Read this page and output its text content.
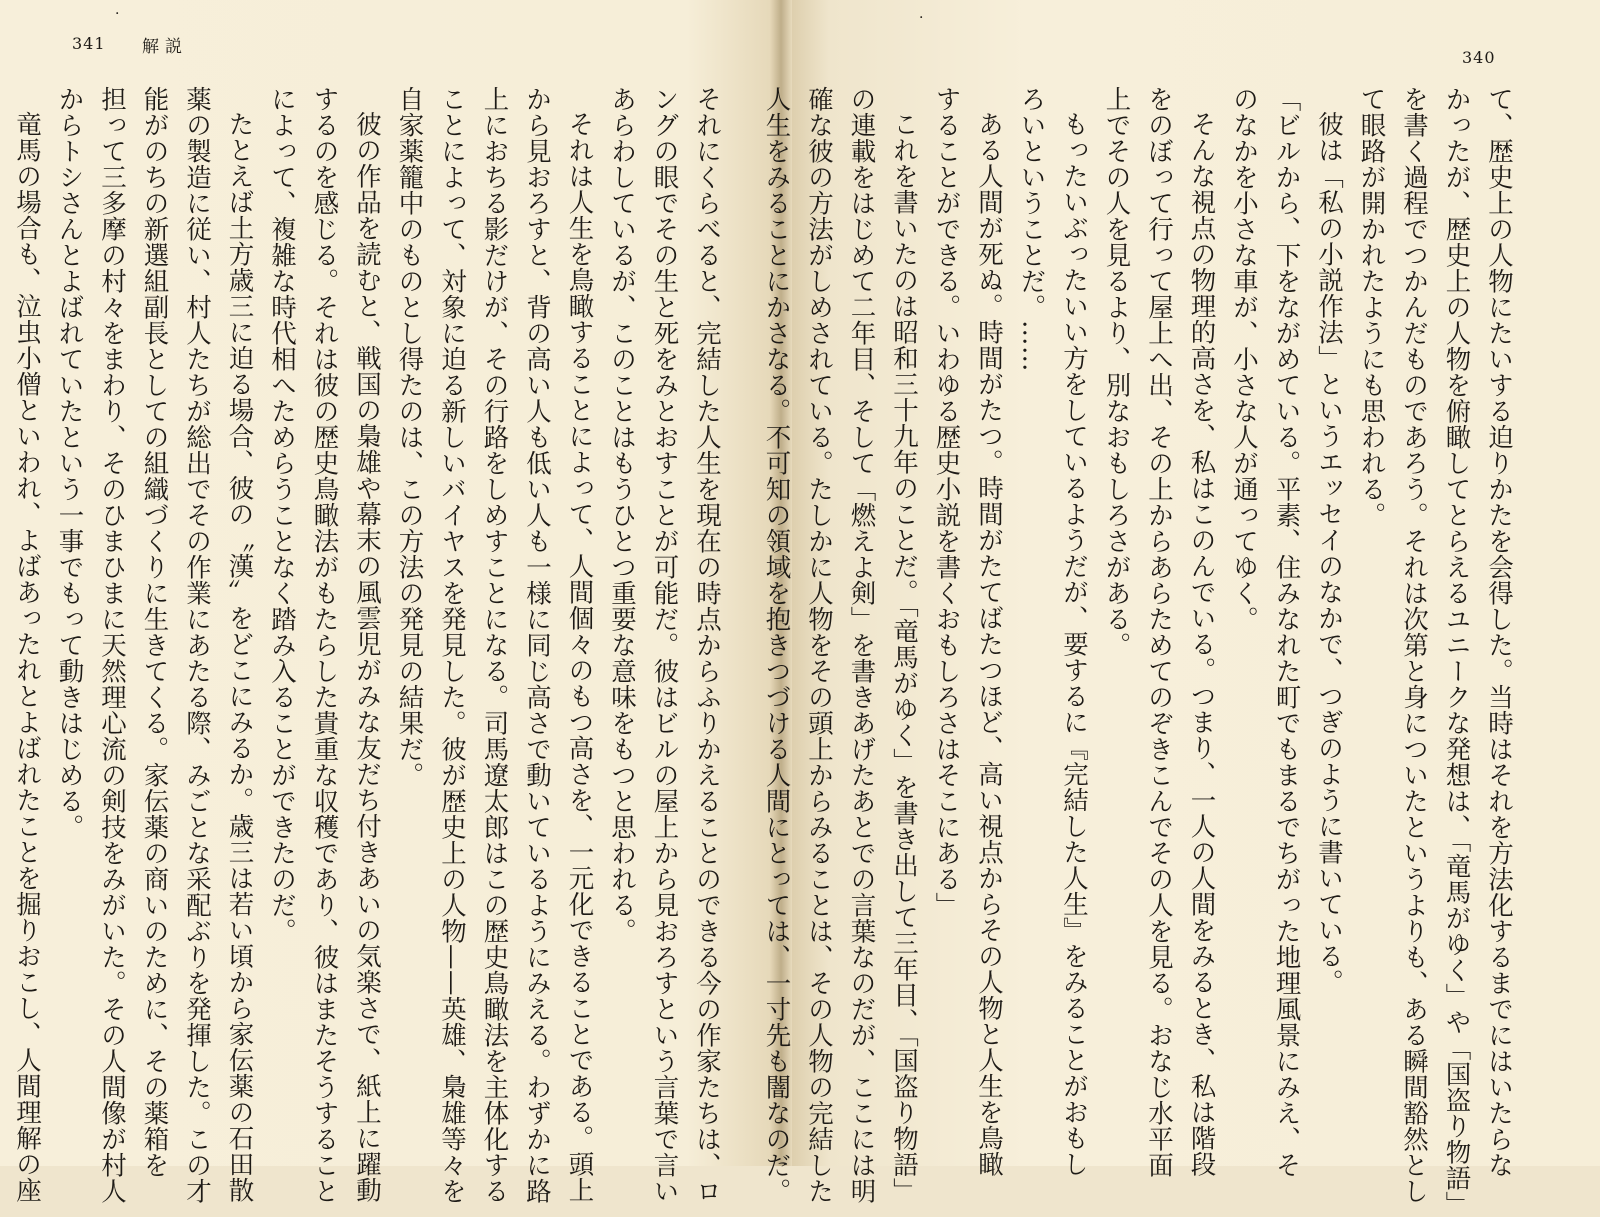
341 解説
340
·	·
て、歴史上の人物にたいする迫りかたを会得した。当時はそれを方法化するまでにはいたらな
かったが、歴史上の人物を俯瞰してとらえるユニークな発想は、「竜馬がゆく」や「国盗り物語」
を書く過程でつかんだものであろう。それは次第と身についたというよりも、ある瞬間豁然とし
て眼路が開かれたようにも思われる。
彼は「私の小説作法」というエッセイのなかで、つぎのように書いている。
「ビルから、下をながめている。平素、住みなれた町でもまるでちがった地理風景にみえ、そ
のなかを小さな車が、小さな人が通ってゆく。
そんな視点の物理的高さを、私はこのんでいる。つまり、一人の人間をみるとき、私は階段
をのぼって行って屋上へ出、その上からあらためてのぞきこんでその人を見る。おなじ水平面
上でその人を見るより、別なおもしろさがある。
もったいぶったいい方をしているようだが、要するに『完結した人生』をみることがおもし
ろいということだ。……
ある人間が死ぬ。時間がたつ。時間がたてばたつほど、高い視点からその人物と人生を鳥瞰
することができる。いわゆる歴史小説を書くおもしろさはそこにある」
これを書いたのは昭和三十九年のことだ。「竜馬がゆく」を書き出して三年目、「国盗り物語」
の連載をはじめて二年目、そして「燃えよ剣」を書きあげたあとでの言葉なのだが、ここには明
確な彼の方法がしめされている。たしかに人物をその頭上からみることは、その人物の完結した
人生をみることにかさなる。不可知の領域を抱きつづける人間にとっては、一寸先も闇なのだ。
それにくらべると、完結した人生を現在の時点からふりかえることのできる今の作家たちは、ロ
ングの眼でその生と死をみとおすことが可能だ。彼はビルの屋上から見おろすという言葉で言い
あらわしているが、このことはもうひとつ重要な意味をもつと思われる。
それは人生を鳥瞰することによって、人間個々のもつ高さを、一元化できることである。頭上
から見おろすと、背の高い人も低い人も一様に同じ高さで動いているようにみえる。わずかに路
上におちる影だけが、その行路をしめすことになる。司馬遼太郎はこの歴史鳥瞰法を主体化する
ことによって、対象に迫る新しいバイヤスを発見した。彼が歴史上の人物——英雄、梟雄等々を
自家薬籠中のものとし得たのは、この方法の発見の結果だ。
彼の作品を読むと、戦国の梟雄や幕末の風雲児がみな友だち付きあいの気楽さで、紙上に躍動
するのを感じる。それは彼の歴史鳥瞰法がもたらした貴重な収穫であり、彼はまたそうすること
によって、複雑な時代相へためらうことなく踏み入ることができたのだ。
たとえば土方歳三に迫る場合、彼の〝漢〟をどこにみるか。歳三は若い頃から家伝薬の石田散
薬の製造に従い、村人たちが総出でその作業にあたる際、みごとな采配ぶりを発揮した。この才
能がのちの新選組副長としての組織づくりに生きてくる。家伝薬の商いのために、その薬箱を
担って三多摩の村々をまわり、そのひまひまに天然理心流の剣技をみがいた。その人間像が村人
からトシさんとよばれていたという一事でもって動きはじめる。
竜馬の場合も、泣虫小僧といわれ、よばあったれとよばれたことを掘りおこし、人間理解の座
